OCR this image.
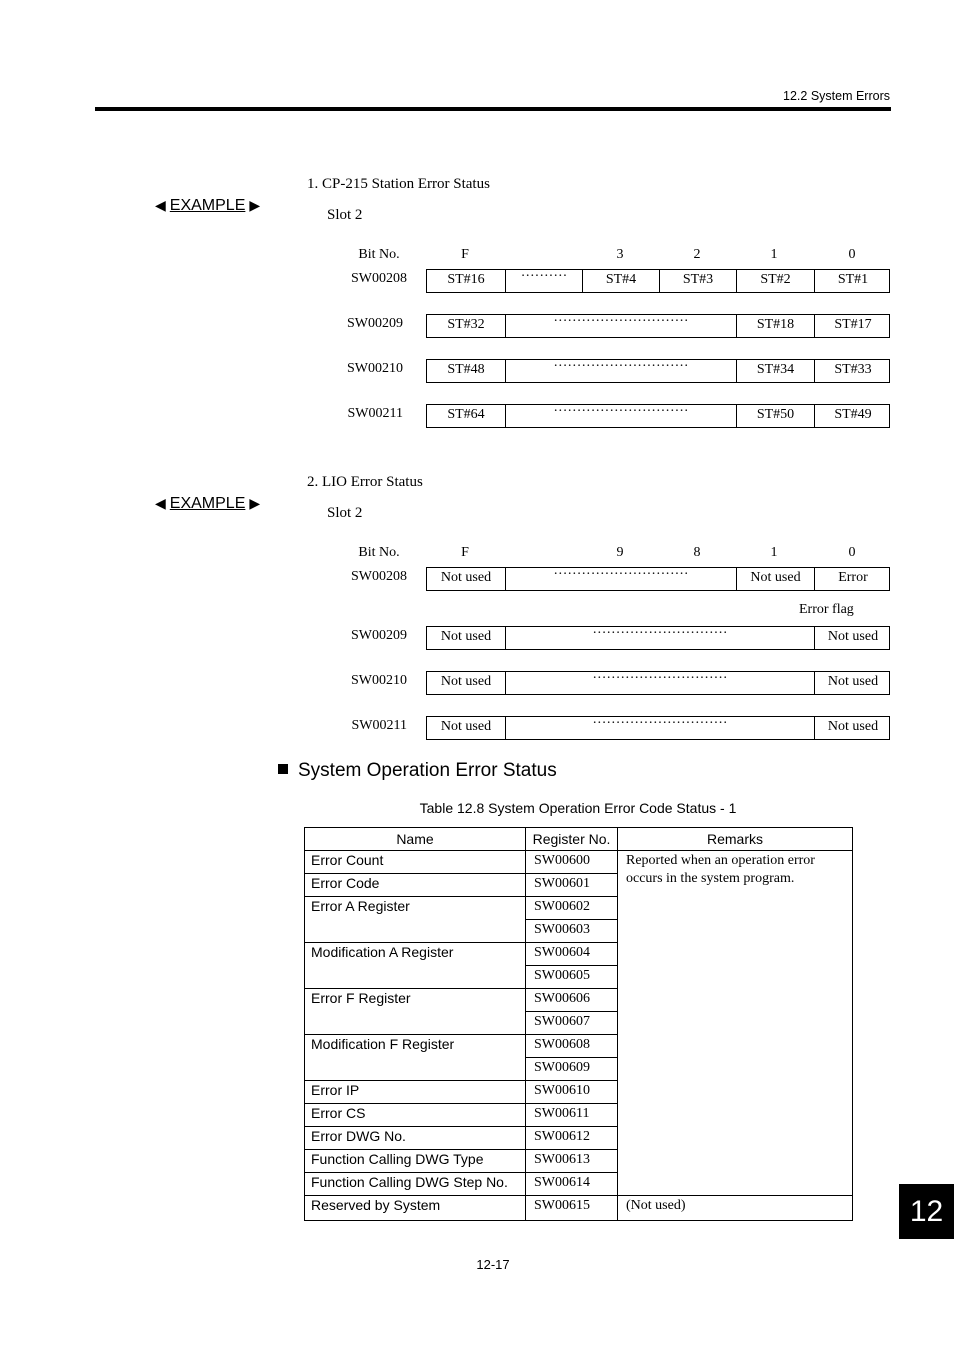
12.2 System Errors
◀ EXAMPLE ▶
1. CP-215 Station Error Status
Slot 2
Bit No.	F	3	2	1	0
SW00208	ST#16	··········	ST#4	ST#3	ST#2	ST#1
SW00209	ST#32	·····························	ST#18	ST#17
SW00210	ST#48	·····························	ST#34	ST#33
SW00211	ST#64	·····························	ST#50	ST#49
◀ EXAMPLE ▶
2. LIO Error Status
Slot 2
Bit No.	F	9	8	1	0
SW00208	Not used	·····························	Not used	Error
Error flag
SW00209	Not used	·····························	Not used
SW00210	Not used	·····························	Not used
SW00211	Not used	·····························	Not used
System Operation Error Status
Table 12.8 System Operation Error Code Status - 1
Name	Register No.	Remarks
Error Count	SW00600	Reported when an operation error occurs in the system program.
Error Code	SW00601	
Error A Register	SW00602	
	SW00603	
Modification A Register	SW00604	
	SW00605	
Error F Register	SW00606	
	SW00607	
Modification F Register	SW00608	
	SW00609	
Error IP	SW00610	
Error CS	SW00611	
Error DWG No.	SW00612	
Function Calling DWG Type	SW00613	
Function Calling DWG Step No.	SW00614	
Reserved by System	SW00615	(Not used)
12-17
12
